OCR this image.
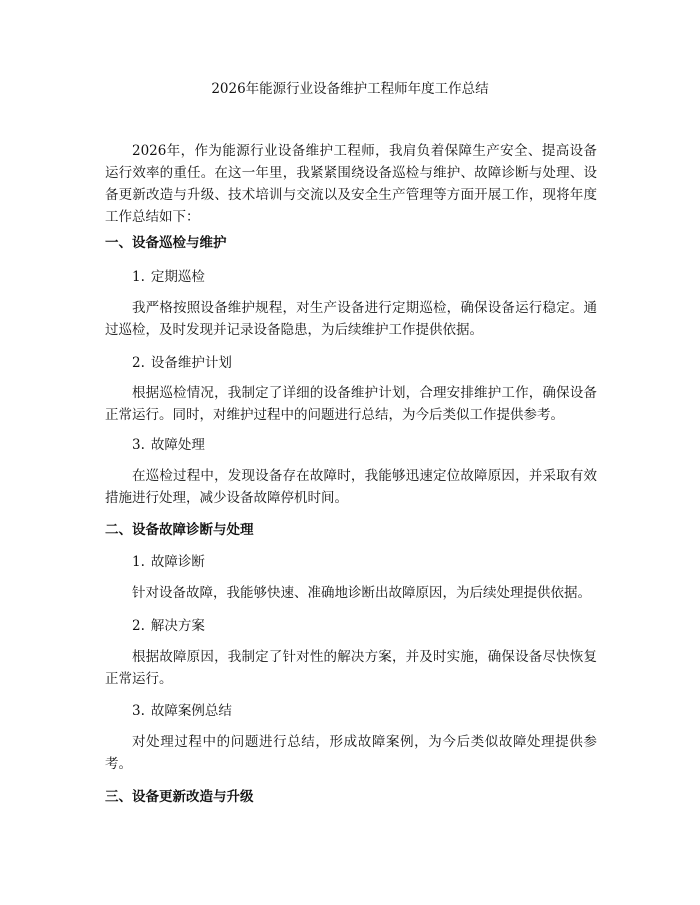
2026年能源行业设备维护工程师年度工作总结

2026年，作为能源行业设备维护工程师，我肩负着保障生产安全、提高设备运行效率的重任。在这一年里，我紧紧围绕设备巡检与维护、故障诊断与处理、设备更新改造与升级、技术培训与交流以及安全生产管理等方面开展工作，现将年度工作总结如下：

一、设备巡检与维护

1. 定期巡检

我严格按照设备维护规程，对生产设备进行定期巡检，确保设备运行稳定。通过巡检，及时发现并记录设备隐患，为后续维护工作提供依据。

2. 设备维护计划

根据巡检情况，我制定了详细的设备维护计划，合理安排维护工作，确保设备正常运行。同时，对维护过程中的问题进行总结，为今后类似工作提供参考。

3. 故障处理

在巡检过程中，发现设备存在故障时，我能够迅速定位故障原因，并采取有效措施进行处理，减少设备故障停机时间。

二、设备故障诊断与处理

1. 故障诊断

针对设备故障，我能够快速、准确地诊断出故障原因，为后续处理提供依据。

2. 解决方案

根据故障原因，我制定了针对性的解决方案，并及时实施，确保设备尽快恢复正常运行。

3. 故障案例总结

对处理过程中的问题进行总结，形成故障案例，为今后类似故障处理提供参考。

三、设备更新改造与升级
